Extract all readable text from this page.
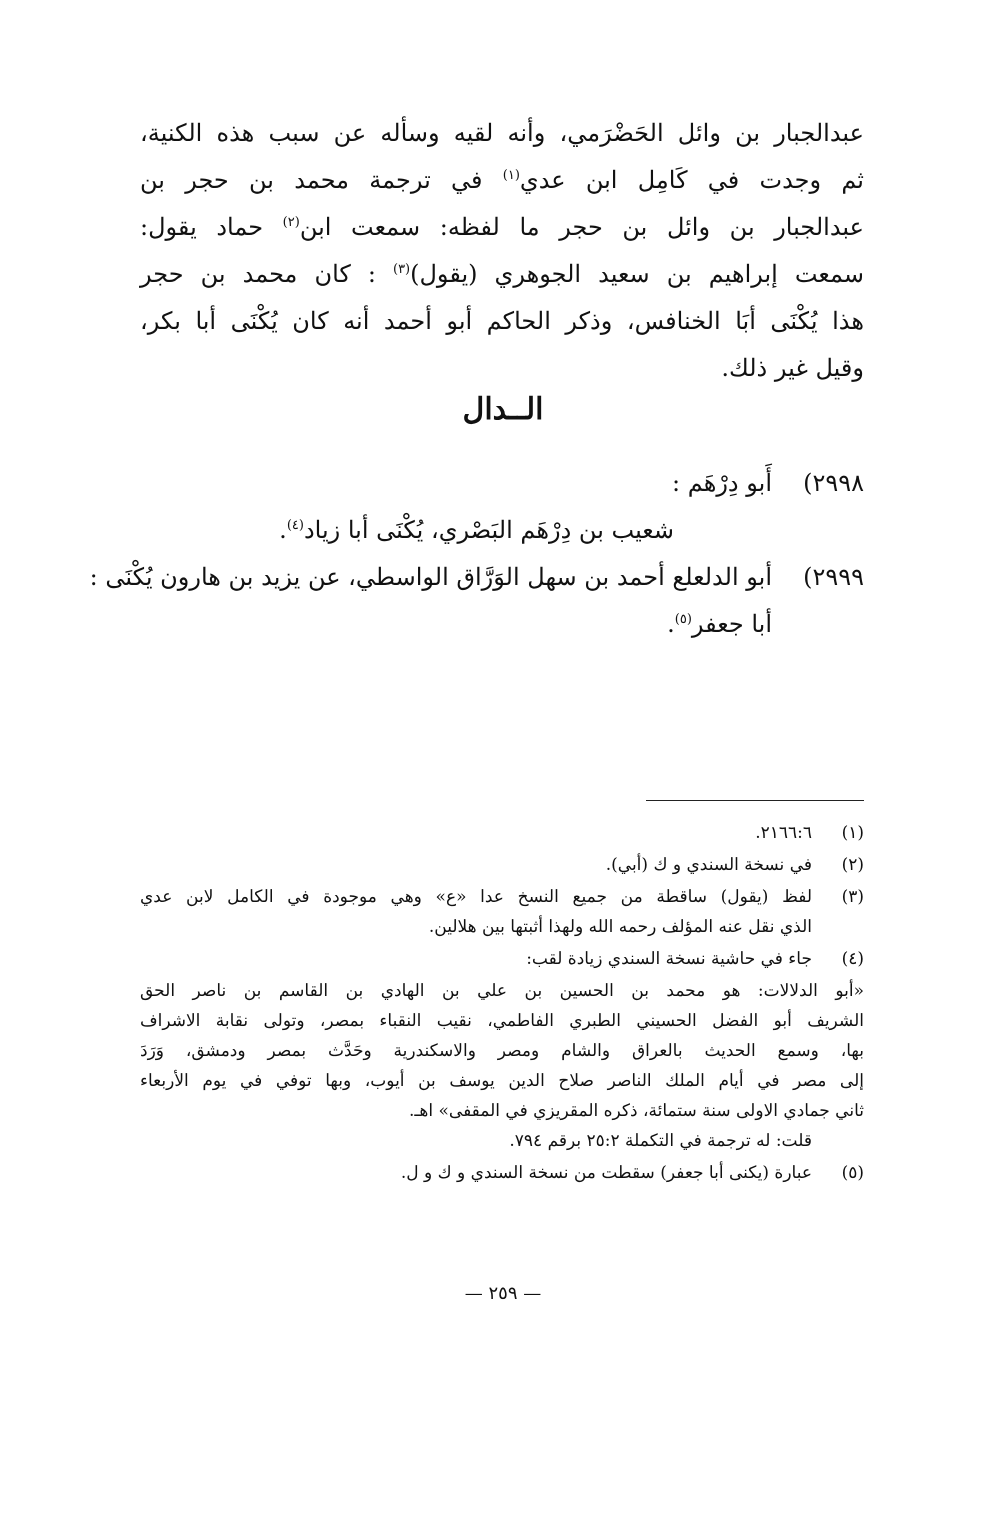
عبدالجبار بن وائل الحَضْرَمي، وأنه لقيه وسأله عن سبب هذه الكنية،
ثم وجدت في كَامِل ابن عدي$^{(١)}$ في ترجمة محمد بن حجر بن
عبدالجبار بن وائل بن حجر ما لفظه: سمعت ابن$^{(٢)}$ حماد يقول:
سمعت إبراهيم بن سعيد الجوهري (يقول)$^{(٣)}$ : كان محمد بن حجر
هذا يُكْنَى أبَا الخنافس، وذكر الحاكم أبو أحمد أنه كان يُكْنَى أبا بكر،
وقيل غير ذلك.
الــدال
٢٩٩٨)أَبو دِرْهَم :
شعيب بن دِرْهَم البَصْري، يُكْنَى أبا زياد$^{(٤)}$.
٢٩٩٩)أبو الدلعلع أحمد بن سهل الوَرَّاق الواسطي، عن يزيد بن هارون يُكْنَى :
أبا جعفر$^{(٥)}$.
(١)
٢١٦٦:٦.
(٢)
في نسخة السندي و ك (أبي).
(٣)
لفظ (يقول) ساقطة من جميع النسخ عدا «ع» وهي موجودة في الكامل لابن عدي
الذي نقل عنه المؤلف رحمه الله ولهذا أثبتها بين هلالين.
(٤)
جاء في حاشية نسخة السندي زيادة لقب:
«أبو الدلالات: هو محمد بن الحسين بن علي بن الهادي بن القاسم بن ناصر الحق
الشريف أبو الفضل الحسيني الطبري الفاطمي، نقيب النقباء بمصر، وتولى نقابة الاشراف
بها، وسمع الحديث بالعراق والشام ومصر والاسكندرية وحَدَّث بمصر ودمشق، وَرَدَ
إلى مصر في أيام الملك الناصر صلاح الدين يوسف بن أيوب، وبها توفي في يوم الأربعاء
ثاني جمادي الاولى سنة ستمائة، ذكره المقريزي في المقفى» اهـ.
قلت: له ترجمة في التكملة ٢٥:٢ برقم ٧٩٤.
(٥)
عبارة (يكنى أبا جعفر) سقطت من نسخة السندي و ك و ل.
— ٢٥٩ —
